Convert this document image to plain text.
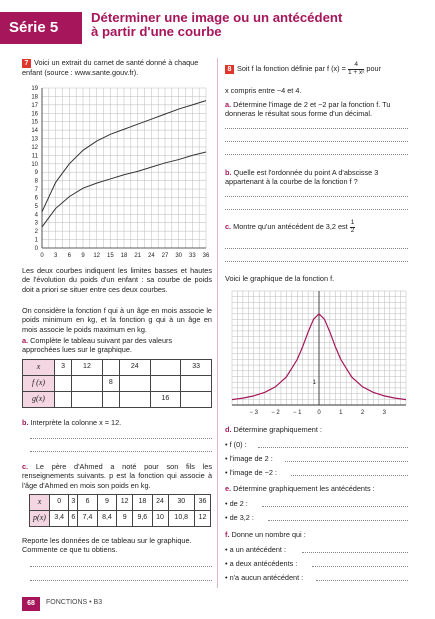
Série 5
Déterminer une image ou un antécédent
à partir d'une courbe
7 Voici un extrait du carnet de santé donné à chaque enfant (source : www.sante.gouv.fr).
0 3 6 9 12 15 18 21 24 27 30 33 36
0
1
2
3
4
5
6
7
8
9
10
11
12
13
14
15
16
17
18
19
Les deux courbes indiquent les limites basses et hautes de l'évolution du poids d'un enfant : sa courbe de poids doit a priori se situer entre ces deux courbes.
On considère la fonction f qui à un âge en mois associe le poids minimum en kg, et la fonction g qui à un âge en mois associe le poids maximum en kg.
a. Complète le tableau suivant par des valeurs approchées lues sur le graphique.
x	3	12		24		33
f (x)			8			
g(x)					16	
b. Interprète la colonne x = 12.
c. Le père d'Ahmed a noté pour son fils les renseignements suivants. p est la fonction qui associe à l'âge d'Ahmed en mois son poids en kg.
x	0	3	6	9	12	18	24	30	36
p(x)	3,4	6	7,4	8,4	9	9,6	10	10,8	12
Reporte les données de ce tableau sur le graphique. Commente ce que tu obtiens.
8 Soit f la fonction définie par f $(x) = \frac{4}{\text{1 + x²}}$ pour
x compris entre −4 et 4.
a. Détermine l'image de 2 et −2 par la fonction f. Tu donneras le résultat sous forme d'un décimal.
b. Quelle est l'ordonnée du point A d'abscisse 3 appartenant à la courbe de la fonction f ?
c. Montre qu'un antécédent de 3,2 est $\frac{1}{2}$
Voici le graphique de la fonction f.
− 3 − 2 − 1	0	1	2	3
1
d. Détermine graphiquement :
• f (0) :
• l'image de 2 :
• l'image de −2 :
e. Détermine graphiquement les antécédents :
• de 2 :
• de 3,2 :
f. Donne un nombre qui :
• a un antécédent :
• a deux antécédents :
• n'a aucun antécédent :
68	FONCTIONS • B3
